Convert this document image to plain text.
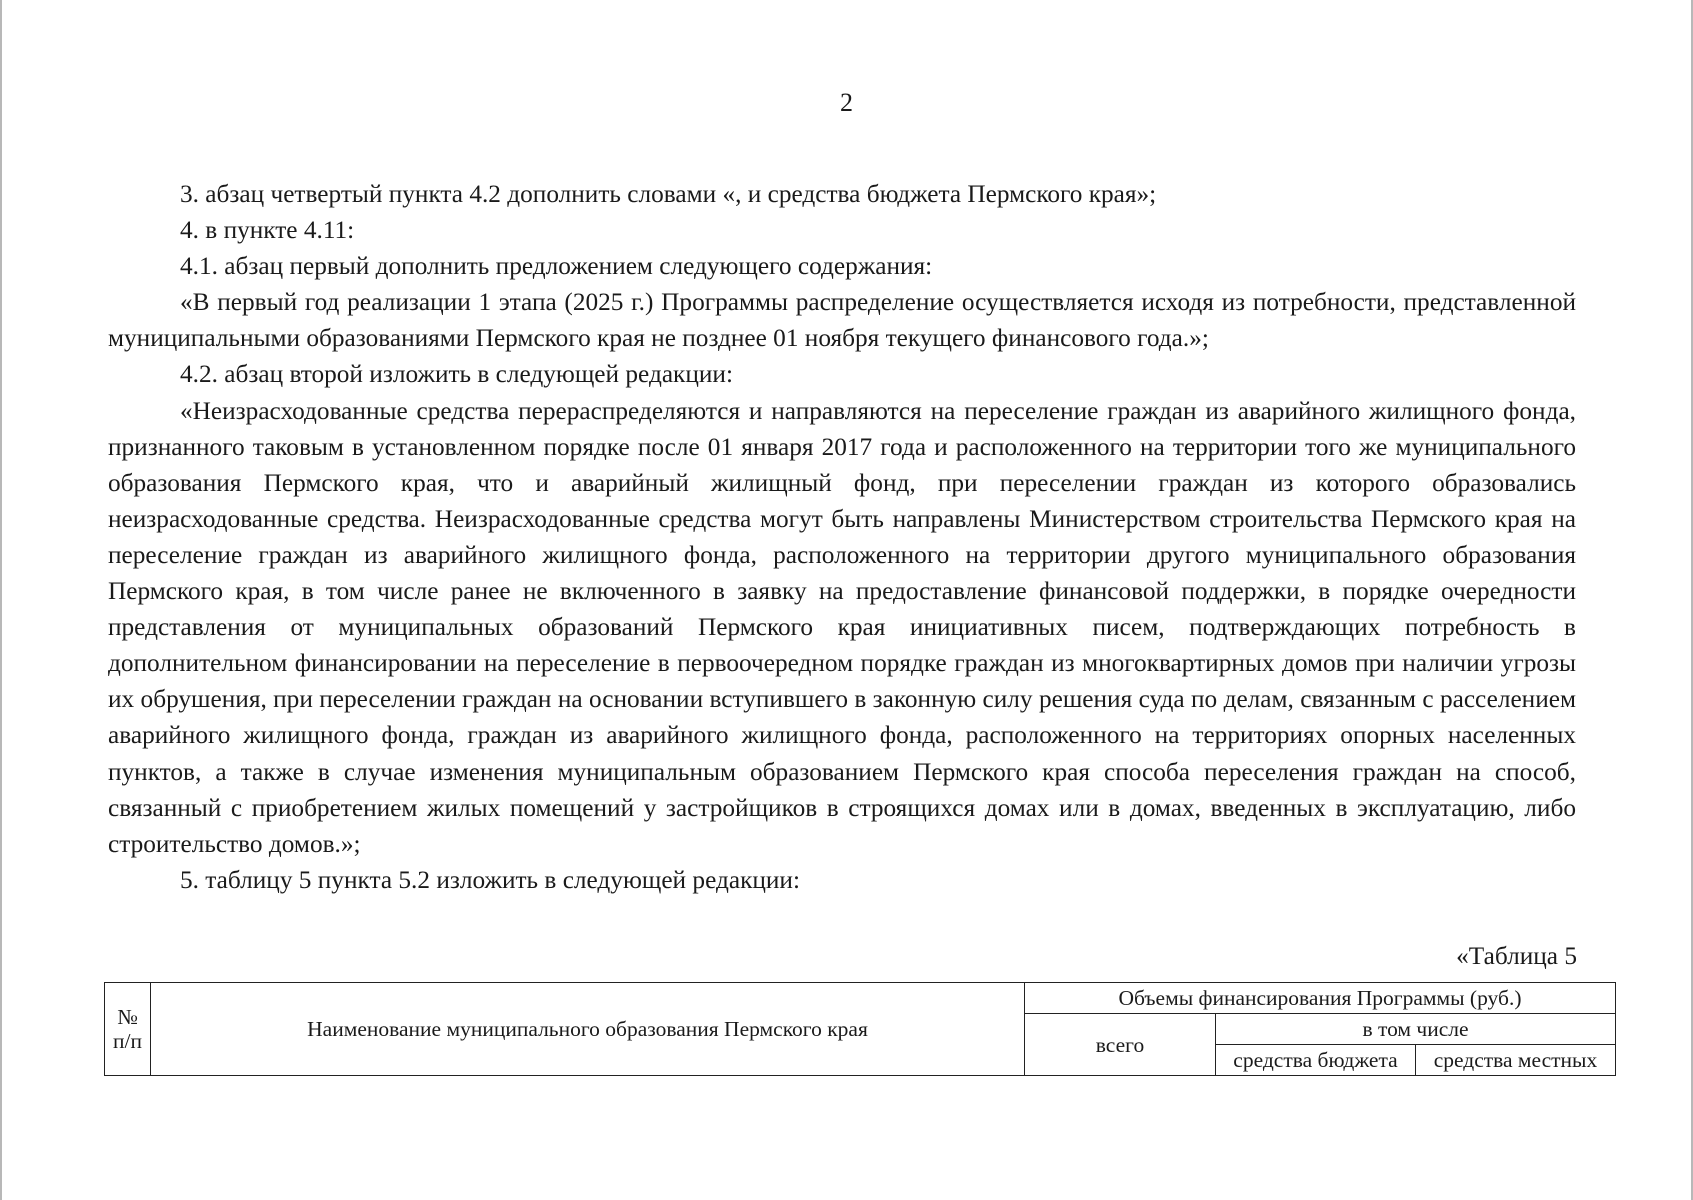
2

3. абзац четвертый пункта 4.2 дополнить словами «, и средства бюджета Пермского края»;

4. в пункте 4.11:

4.1. абзац первый дополнить предложением следующего содержания:

«В первый год реализации 1 этапа (2025 г.) Программы распределение осуществляется исходя из потребности, представленной муниципальными образованиями Пермского края не позднее 01 ноября текущего финансового года.»;

4.2. абзац второй изложить в следующей редакции:

«Неизрасходованные средства перераспределяются и направляются на переселение граждан из аварийного жилищного фонда, признанного таковым в установленном порядке после 01 января 2017 года и расположенного на территории того же муниципального образования Пермского края, что и аварийный жилищный фонд, при переселении граждан из которого образовались неизрасходованные средства. Неизрасходованные средства могут быть направлены Министерством строительства Пермского края на переселение граждан из аварийного жилищного фонда, расположенного на территории другого муниципального образования Пермского края, в том числе ранее не включенного в заявку на предоставление финансовой поддержки, в порядке очередности представления от муниципальных образований Пермского края инициативных писем, подтверждающих потребность в дополнительном финансировании на переселение в первоочередном порядке граждан из многоквартирных домов при наличии угрозы их обрушения, при переселении граждан на основании вступившего в законную силу решения суда по делам, связанным с расселением аварийного жилищного фонда, граждан из аварийного жилищного фонда, расположенного на территориях опорных населенных пунктов, а также в случае изменения муниципальным образованием Пермского края способа переселения граждан на способ, связанный с приобретением жилых помещений у застройщиков в строящихся домах или в домах, введенных в эксплуатацию, либо строительство домов.»;

5. таблицу 5 пункта 5.2 изложить в следующей редакции:

«Таблица 5
№ п/п	Наименование муниципального образования Пермского края	Объемы финансирования Программы (руб.)		
		всего	в том числе	
			средства бюджета	средства местных
